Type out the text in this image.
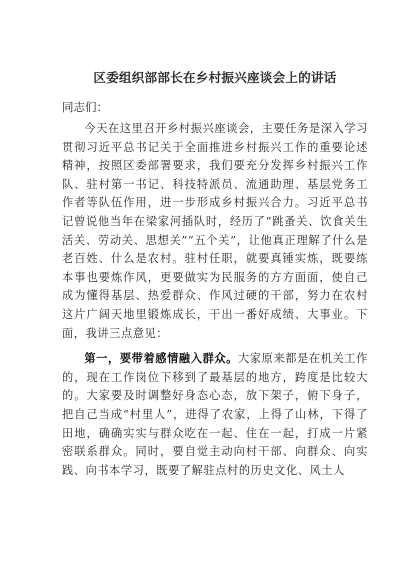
区委组织部部长在乡村振兴座谈会上的讲话
同志们：

今天在这里召开乡村振兴座谈会，主要任务是深入学习贯彻习近平总书记关于全面推进乡村振兴工作的重要论述精神，按照区委部署要求，我们要充分发挥乡村振兴工作队、驻村第一书记、科技特派员、流通助理、基层党务工作者等队伍作用，进一步形成乡村振兴合力。习近平总书记曾说他当年在梁家河插队时，经历了“跳蚤关、饮食关生活关、劳动关、思想关”“五个关”，让他真正理解了什么是老百姓、什么是农村。驻村任职，就要真锤实炼，既要练本事也要炼作风，更要做实为民服务的方方面面，使自己成为懂得基层、热爱群众、作风过硬的干部，努力在农村这片广阔天地里锻炼成长，干出一番好成绩、大事业。下面，我讲三点意见：

第一，要带着感情融入群众。大家原来都是在机关工作的，现在工作岗位下移到了最基层的地方，跨度是比较大的。大家要及时调整好身态心态，放下架子，俯下身子，把自己当成“村里人”，进得了农家，上得了山林，下得了田地，确确实实与群众吃在一起、住在一起，打成一片紧密联系群众。同时，要自觉主动向村干部、向群众、向实践、向书本学习，既要了解驻点村的历史文化、风土人
